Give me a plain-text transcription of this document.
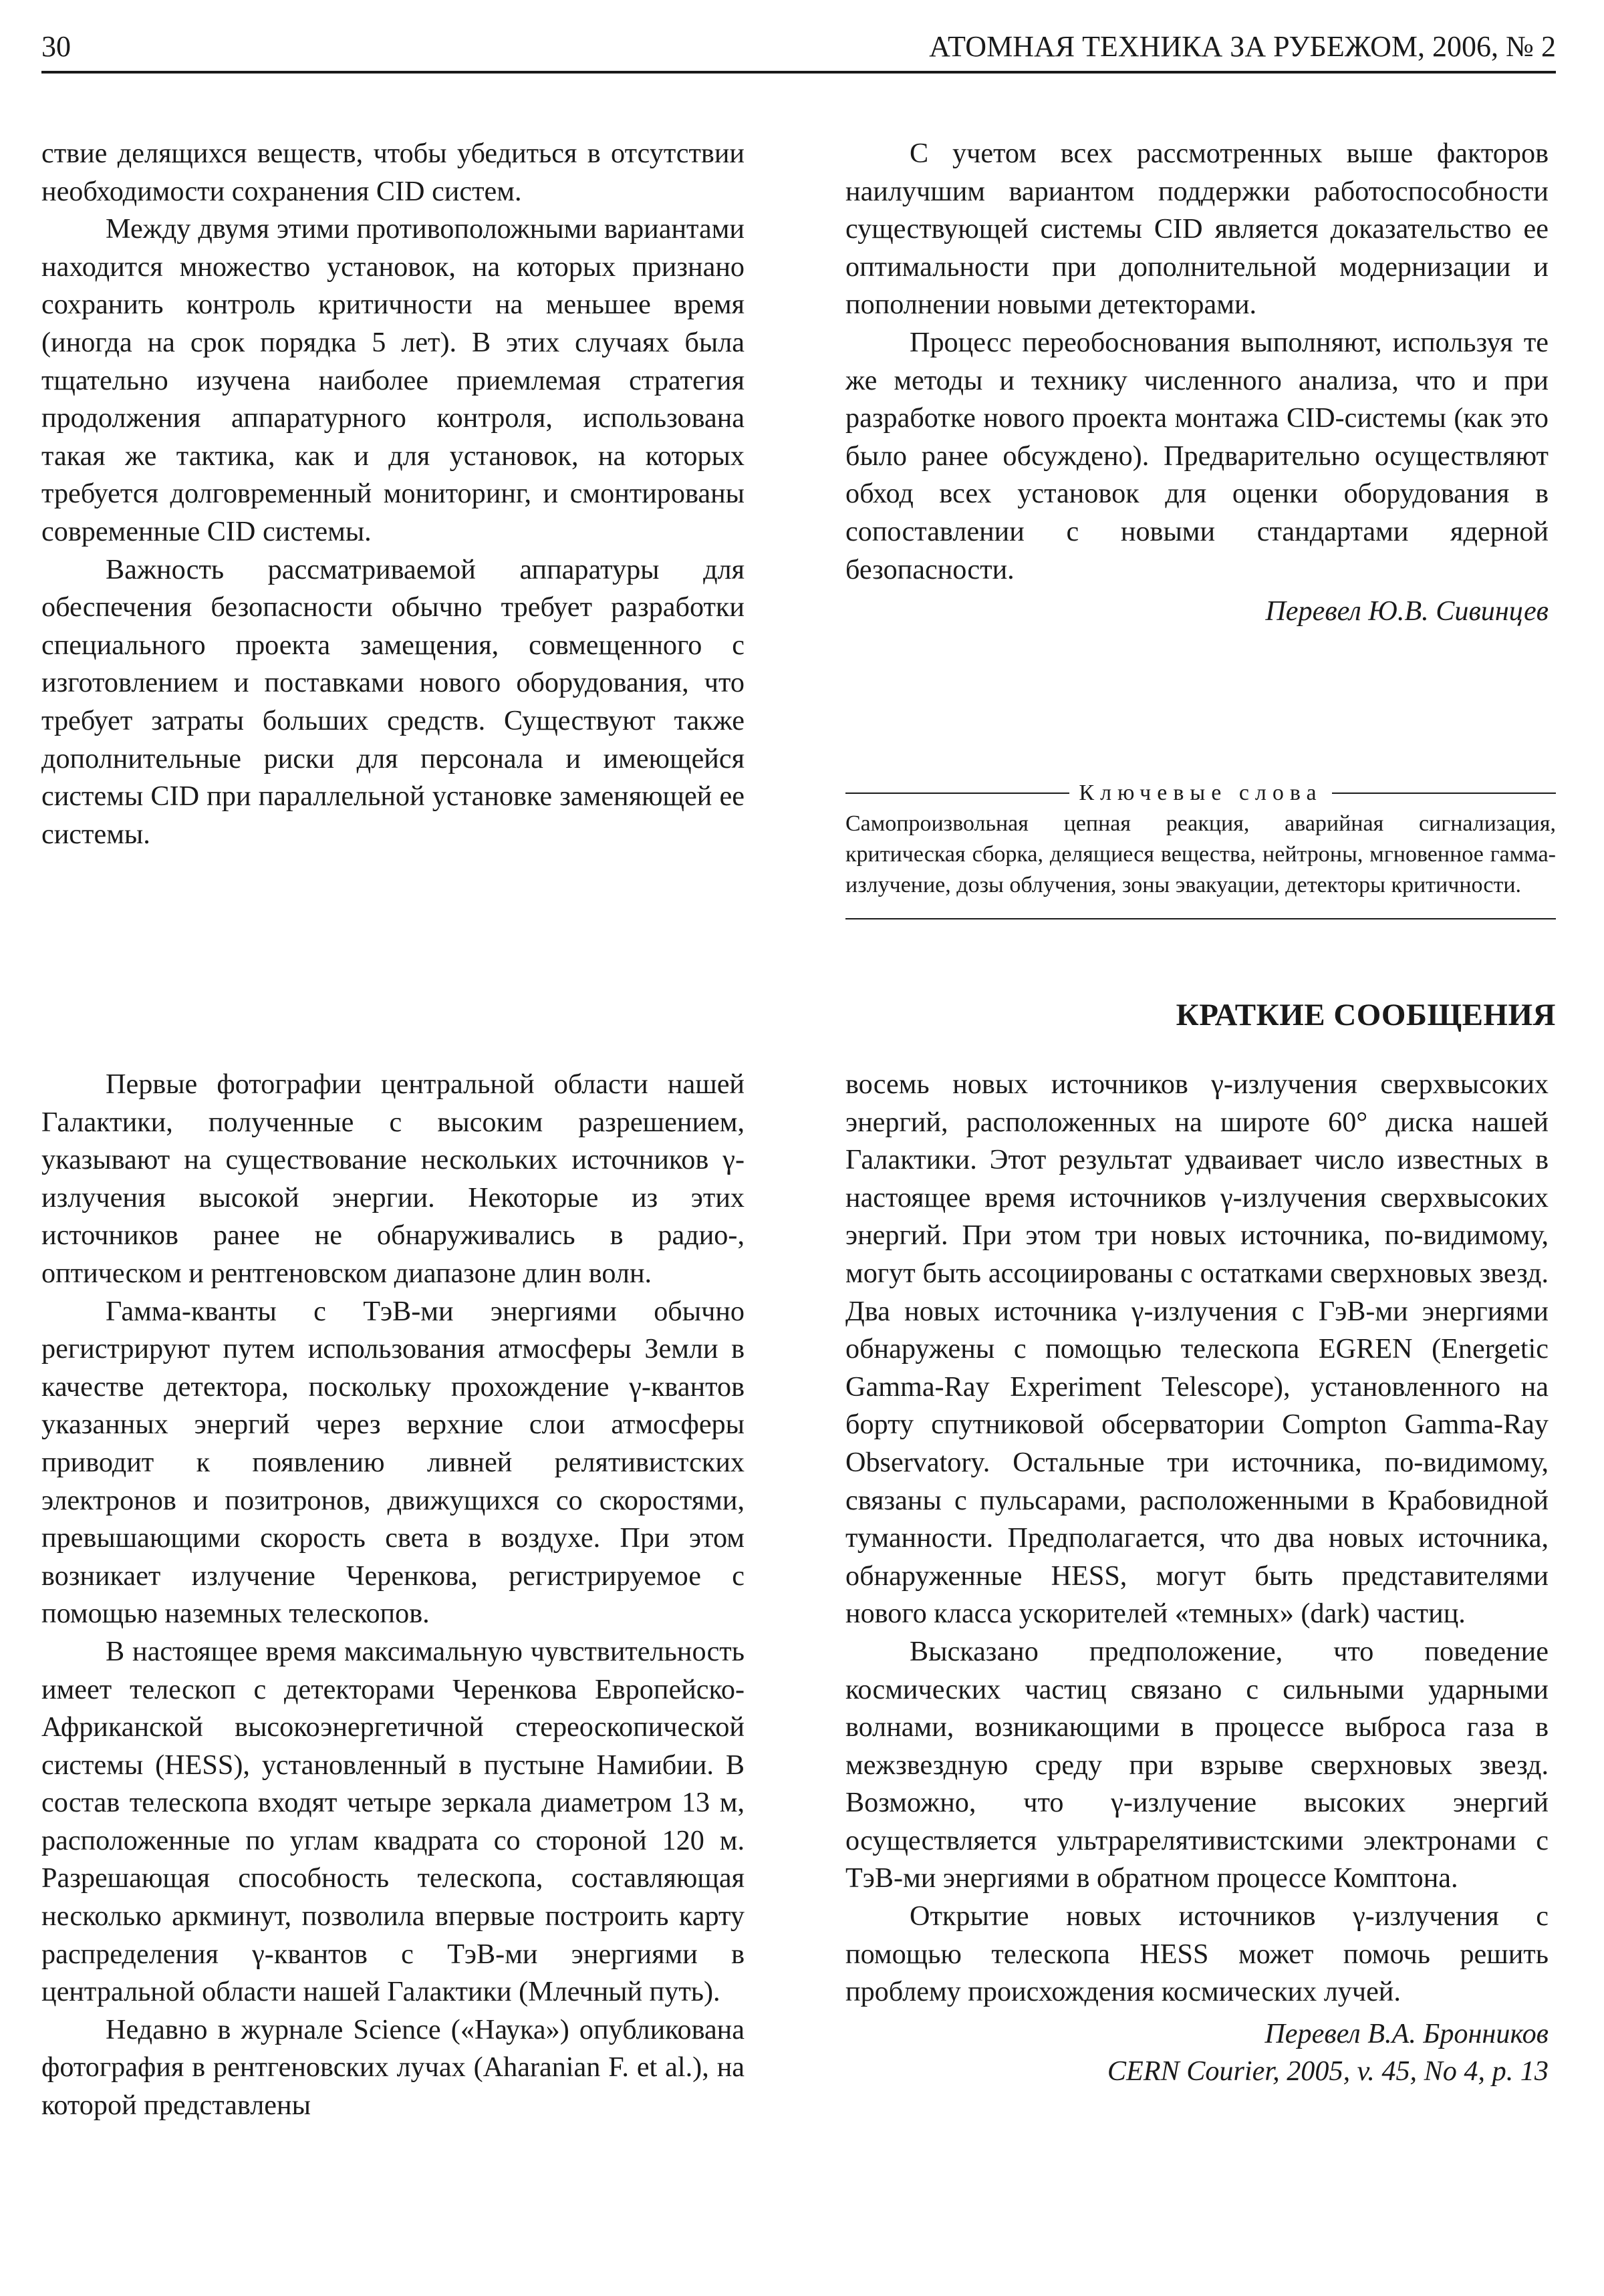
30	АТОМНАЯ ТЕХНИКА ЗА РУБЕЖОМ, 2006, № 2

ствие делящихся веществ, чтобы убедиться в отсутствии необходимости сохранения CID систем.

Между двумя этими противоположными вариантами находится множество установок, на которых признано сохранить контроль критичности на меньшее время (иногда на срок порядка 5 лет). В этих случаях была тщательно изучена наиболее приемлемая стратегия продолжения аппаратурного контроля, использована такая же тактика, как и для установок, на которых требуется долговременный мониторинг, и смонтированы современные CID системы.

Важность рассматриваемой аппаратуры для обеспечения безопасности обычно требует разработки специального проекта замещения, совмещенного с изготовлением и поставками нового оборудования, что требует затраты больших средств. Существуют также дополнительные риски для персонала и имеющейся системы CID при параллельной установке заменяющей ее системы.

С учетом всех рассмотренных выше факторов наилучшим вариантом поддержки работоспособности существующей системы CID является доказательство ее оптимальности при дополнительной модернизации и пополнении новыми детекторами.

Процесс переобоснования выполняют, используя те же методы и технику численного анализа, что и при разработке нового проекта монтажа CID-системы (как это было ранее обсуждено). Предварительно осуществляют обход всех установок для оценки оборудования в сопоставлении с новыми стандартами ядерной безопасности.

Перевел Ю.В. Сивинцев
Ключевые слова
Самопроизвольная цепная реакция, аварийная сигнализация, критическая сборка, делящиеся вещества, нейтроны, мгновенное гамма-излучение, дозы облучения, зоны эвакуации, детекторы критичности.
КРАТКИЕ СООБЩЕНИЯ

Первые фотографии центральной области нашей Галактики, полученные с высоким разрешением, указывают на существование нескольких источников γ-излучения высокой энергии. Некоторые из этих источников ранее не обнаруживались в радио-, оптическом и рентгеновском диапазоне длин волн.

Гамма-кванты с ТэВ-ми энергиями обычно регистрируют путем использования атмосферы Земли в качестве детектора, поскольку прохождение γ-квантов указанных энергий через верхние слои атмосферы приводит к появлению ливней релятивистских электронов и позитронов, движущихся со скоростями, превышающими скорость света в воздухе. При этом возникает излучение Черенкова, регистрируемое с помощью наземных телескопов.

В настоящее время максимальную чувствительность имеет телескоп с детекторами Черенкова Европейско-Африканской высокоэнергетичной стереоскопической системы (HESS), установленный в пустыне Намибии. В состав телескопа входят четыре зеркала диаметром 13 м, расположенные по углам квадрата со стороной 120 м. Разрешающая способность телескопа, составляющая несколько аркминут, позволила впервые построить карту распределения γ-квантов с ТэВ-ми энергиями в центральной области нашей Галактики (Млечный путь).

Недавно в журнале Science («Наука») опубликована фотография в рентгеновских лучах (Aharanian F. et al.), на которой представлены

восемь новых источников γ-излучения сверхвысоких энергий, расположенных на широте 60° диска нашей Галактики. Этот результат удваивает число известных в настоящее время источников γ-излучения сверхвысоких энергий. При этом три новых источника, по-видимому, могут быть ассоциированы с остатками сверхновых звезд. Два новых источника γ-излучения с ГэВ-ми энергиями обнаружены с помощью телескопа EGREN (Energetic Gamma-Ray Experiment Telescope), установленного на борту спутниковой обсерватории Compton Gamma-Ray Observatory. Остальные три источника, по-видимому, связаны с пульсарами, расположенными в Крабовидной туманности. Предполагается, что два новых источника, обнаруженные HESS, могут быть представителями нового класса ускорителей «темных» (dark) частиц.

Высказано предположение, что поведение космических частиц связано с сильными ударными волнами, возникающими в процессе выброса газа в межзвездную среду при взрыве сверхновых звезд. Возможно, что γ-излучение высоких энергий осуществляется ультрарелятивистскими электронами с ТэВ-ми энергиями в обратном процессе Комптона.

Открытие новых источников γ-излучения с помощью телескопа HESS может помочь решить проблему происхождения космических лучей.

Перевел В.А. Бронников
CERN Courier, 2005, v. 45, No 4, p. 13
